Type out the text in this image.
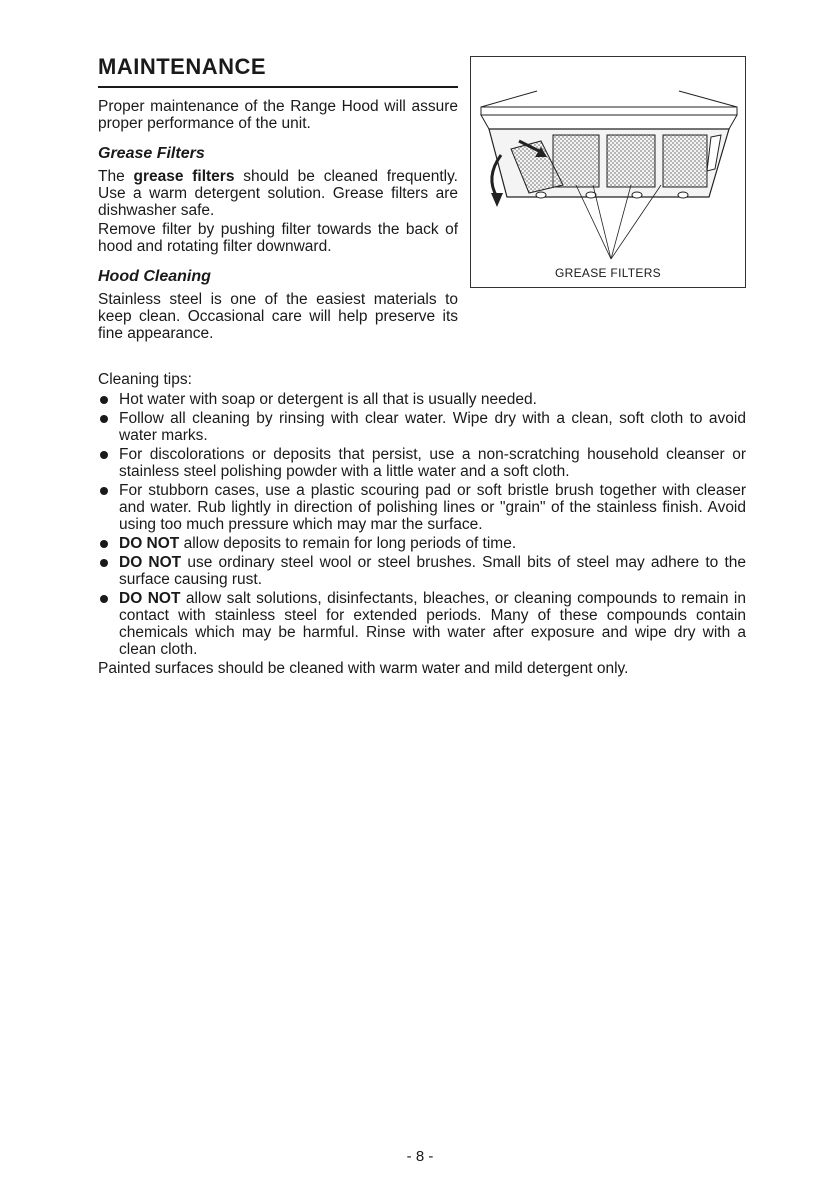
MAINTENANCE

Proper maintenance of the Range Hood will assure proper performance of the unit.

Grease Filters

The grease filters should be cleaned frequently. Use a warm detergent solution. Grease filters are dishwasher safe.

Remove filter by pushing filter towards the back of hood and rotating filter downward.

Hood Cleaning

Stainless steel is one of the easiest materials to keep clean. Occasional care will help preserve its fine appearance.

GREASE FILTERS

Cleaning tips:

Hot water with soap or detergent is all that is usually needed.
Follow all cleaning by rinsing with clear water. Wipe dry with a clean, soft cloth to avoid water marks.
For discolorations or deposits that persist, use a non-scratching household cleanser or stainless steel polishing powder with a little water and a soft cloth.
For stubborn cases, use a plastic scouring pad or soft bristle brush together with cleaser and water. Rub lightly in direction of polishing lines or "grain" of the stainless finish. Avoid using too much pressure which may mar the surface.
DO NOT allow deposits to remain for long periods of time.
DO NOT use ordinary steel wool or steel brushes. Small bits of steel may adhere to the surface causing rust.
DO NOT allow salt solutions, disinfectants, bleaches, or cleaning compounds to remain in contact with stainless steel for extended periods. Many of these compounds contain chemicals which may be harmful. Rinse with water after exposure and wipe dry with a clean cloth.

Painted surfaces should be cleaned with warm water and mild detergent only.

- 8 -
